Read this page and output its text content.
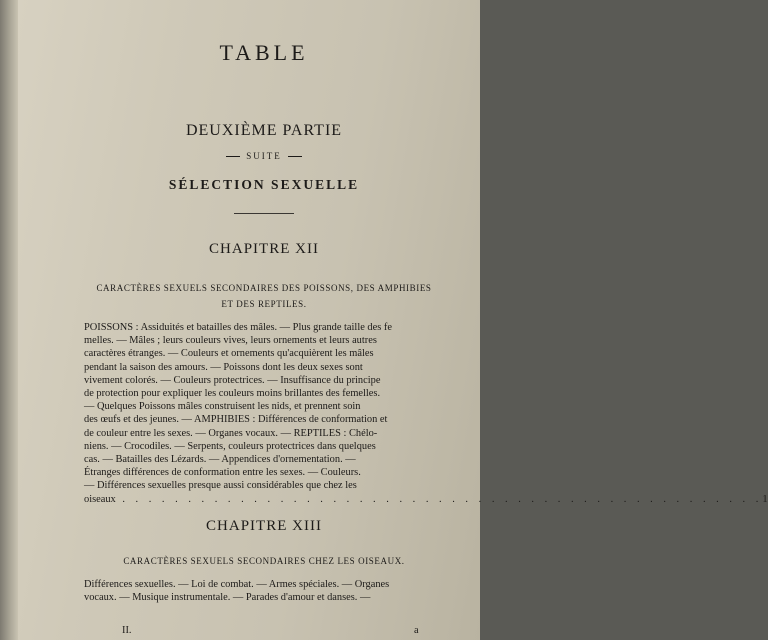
TABLE
DEUXIÈME PARTIE
SUITE
SÉLECTION SEXUELLE
CHAPITRE XII
CARACTÈRES SEXUELS SECONDAIRES DES POISSONS, DES AMPHIBIES
ET DES REPTILES.
POISSONS : Assiduités et batailles des mâles. — Plus grande taille des fe
melles. — Mâles ; leurs couleurs vives, leurs ornements et leurs autres
caractères étranges. — Couleurs et ornements qu'acquièrent les mâles
pendant la saison des amours. — Poissons dont les deux sexes sont
vivement colorés. — Couleurs protectrices. — Insuffisance du principe
de protection pour expliquer les couleurs moins brillantes des femelles.
— Quelques Poissons mâles construisent les nids, et prennent soin
des œufs et des jeunes. — AMPHIBIES : Différences de conformation et
de couleur entre les sexes. — Organes vocaux. — REPTILES : Chélo-
niens. — Crocodiles. — Serpents, couleurs protectrices dans quelques
cas. — Batailles des Lézards. — Appendices d'ornementation. —
Étranges différences de conformation entre les sexes. — Couleurs.
— Différences sexuelles presque aussi considérables que chez les
oiseaux . . . . . . . . . . . . . . . . . . . . . . . . . . . . . . . . . . . . . . . . . . . . . . . . . 1
CHAPITRE XIII
CARACTÈRES SEXUELS SECONDAIRES CHEZ LES OISEAUX.
Différences sexuelles. — Loi de combat. — Armes spéciales. — Organes
vocaux. — Musique instrumentale. — Parades d'amour et danses. —
II.	a
